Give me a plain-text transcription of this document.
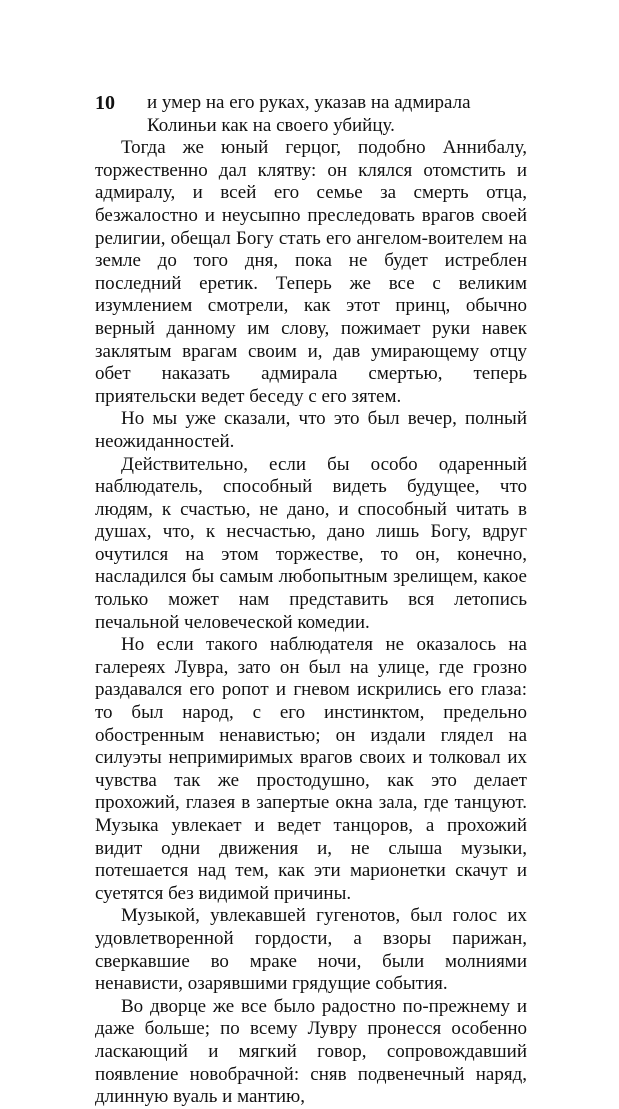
10	и умер на его руках, указав на адмирала Колиньи как на своего убийцу.

Тогда же юный герцог, подобно Аннибалу, торжественно дал клятву: он клялся отомстить и адмиралу, и всей его семье за смерть отца, безжалостно и неусыпно преследовать врагов своей религии, обещал Богу стать его ангелом-воителем на земле до того дня, пока не будет истреблен последний еретик. Теперь же все с великим изумлением смотрели, как этот принц, обычно верный данному им слову, пожимает руки навек заклятым врагам своим и, дав умирающему отцу обет наказать адмирала смертью, теперь приятельски ведет беседу с его зятем.

Но мы уже сказали, что это был вечер, полный неожиданностей.

Действительно, если бы особо одаренный наблюдатель, способный видеть будущее, что людям, к счастью, не дано, и способный читать в душах, что, к несчастью, дано лишь Богу, вдруг очутился на этом торжестве, то он, конечно, насладился бы самым любопытным зрелищем, какое только может нам представить вся летопись печальной человеческой комедии.

Но если такого наблюдателя не оказалось на галереях Лувра, зато он был на улице, где грозно раздавался его ропот и гневом искрились его глаза: то был народ, с его инстинктом, предельно обостренным ненавистью; он издали глядел на силуэты непримиримых врагов своих и толковал их чувства так же простодушно, как это делает прохожий, глазея в запертые окна зала, где танцуют. Музыка увлекает и ведет танцоров, а прохожий видит одни движения и, не слыша музыки, потешается над тем, как эти марионетки скачут и суетятся без видимой причины.

Музыкой, увлекавшей гугенотов, был голос их удовлетворенной гордости, а взоры парижан, сверкавшие во мраке ночи, были молниями ненависти, озарявшими грядущие события.

Во дворце же все было радостно по-прежнему и даже больше; по всему Лувру пронесся особенно ласкающий и мягкий говор, сопровождавший появление новобрачной: сняв подвенечный наряд, длинную вуаль и мантию,
